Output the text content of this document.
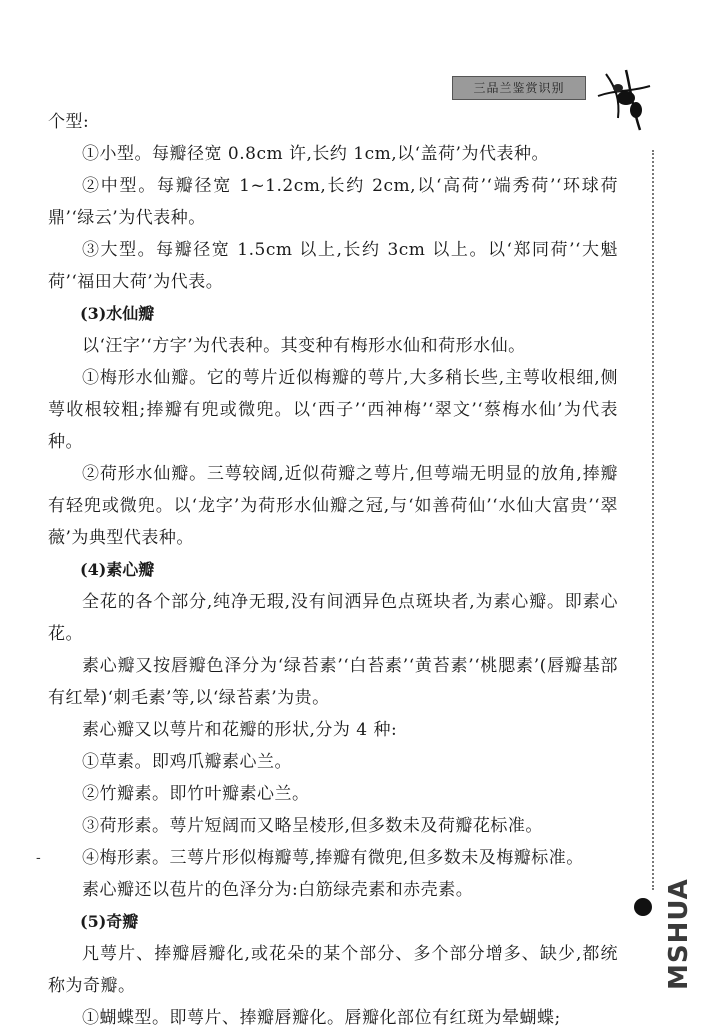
三品兰鉴赏识别
MSHUA
-

个型:

①小型。每瓣径宽 0.8cm 许,长约 1cm,以‘盖荷’为代表种。

②中型。每瓣径宽 1~1.2cm,长约 2cm,以‘高荷’‘端秀荷’‘环球荷鼎’‘绿云’为代表种。

③大型。每瓣径宽 1.5cm 以上,长约 3cm 以上。以‘郑同荷’‘大魁荷’‘福田大荷’为代表。

(3)水仙瓣

以‘汪字’‘方字’为代表种。其变种有梅形水仙和荷形水仙。

①梅形水仙瓣。它的萼片近似梅瓣的萼片,大多稍长些,主萼收根细,侧萼收根较粗;捧瓣有兜或微兜。以‘西子’‘西神梅’‘翠文’‘蔡梅水仙’为代表种。

②荷形水仙瓣。三萼较阔,近似荷瓣之萼片,但萼端无明显的放角,捧瓣有轻兜或微兜。以‘龙字’为荷形水仙瓣之冠,与‘如善荷仙’‘水仙大富贵’‘翠薇’为典型代表种。

(4)素心瓣

全花的各个部分,纯净无瑕,没有间洒异色点斑块者,为素心瓣。即素心花。

素心瓣又按唇瓣色泽分为‘绿苔素’‘白苔素’‘黄苔素’‘桃腮素’(唇瓣基部有红晕)‘刺毛素’等,以‘绿苔素’为贵。

素心瓣又以萼片和花瓣的形状,分为 4 种:

①草素。即鸡爪瓣素心兰。

②竹瓣素。即竹叶瓣素心兰。

③荷形素。萼片短阔而又略呈棱形,但多数未及荷瓣花标准。

④梅形素。三萼片形似梅瓣萼,捧瓣有微兜,但多数未及梅瓣标准。

素心瓣还以苞片的色泽分为:白筋绿壳素和赤壳素。

(5)奇瓣

凡萼片、捧瓣唇瓣化,或花朵的某个部分、多个部分增多、缺少,都统称为奇瓣。

①蝴蝶型。即萼片、捧瓣唇瓣化。唇瓣化部位有红斑为晕蝴蝶;
